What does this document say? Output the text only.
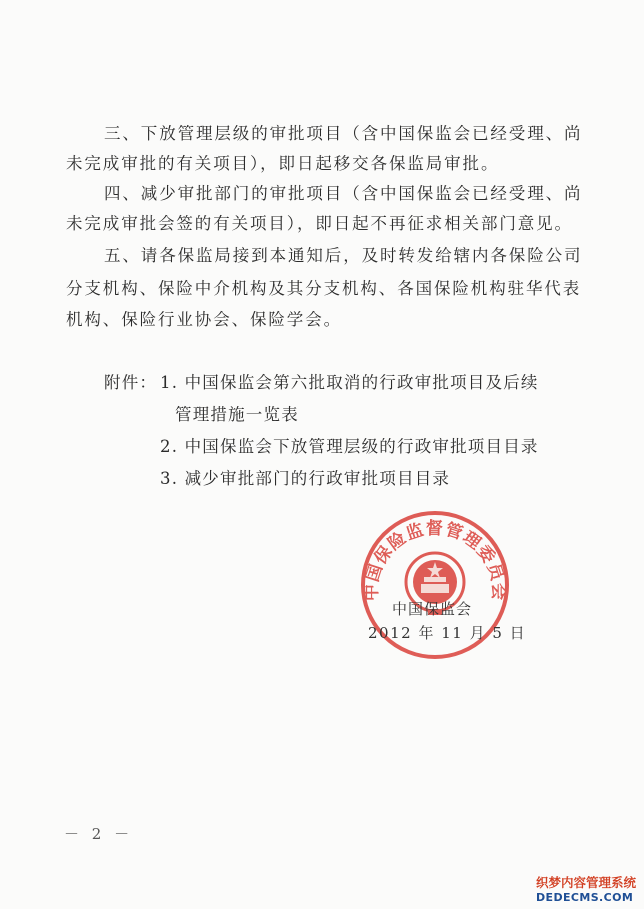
三、下放管理层级的审批项目（含中国保监会已经受理、尚
未完成审批的有关项目），即日起移交各保监局审批。
四、减少审批部门的审批项目（含中国保监会已经受理、尚
未完成审批会签的有关项目），即日起不再征求相关部门意见。
五、请各保监局接到本通知后，及时转发给辖内各保险公司
分支机构、保险中介机构及其分支机构、各国保险机构驻华代表
机构、保险行业协会、保险学会。
附件： 1. 中国保监会第六批取消的行政审批项目及后续
管理措施一览表
2. 中国保监会下放管理层级的行政审批项目目录
3. 减少审批部门的行政审批项目目录
中国保险监督管理委员会
中国保监会
2012 年 11 月 5 日
－ 2 －
织梦内容管理系统
DEDECMS.COM
